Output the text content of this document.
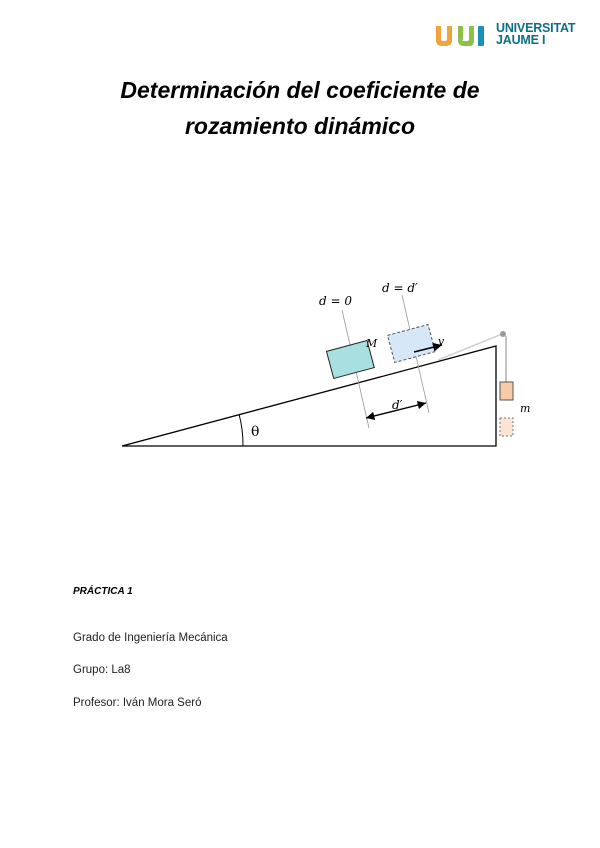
UNIVERSITAT
JAUME I
Determinación del coeficiente de
rozamiento dinámico
d = 0
d = d′
M	v
d′	m
θ
PRÁCTICA 1
Grado de Ingeniería Mecánica
Grupo: La8
Profesor: Iván Mora Seró
